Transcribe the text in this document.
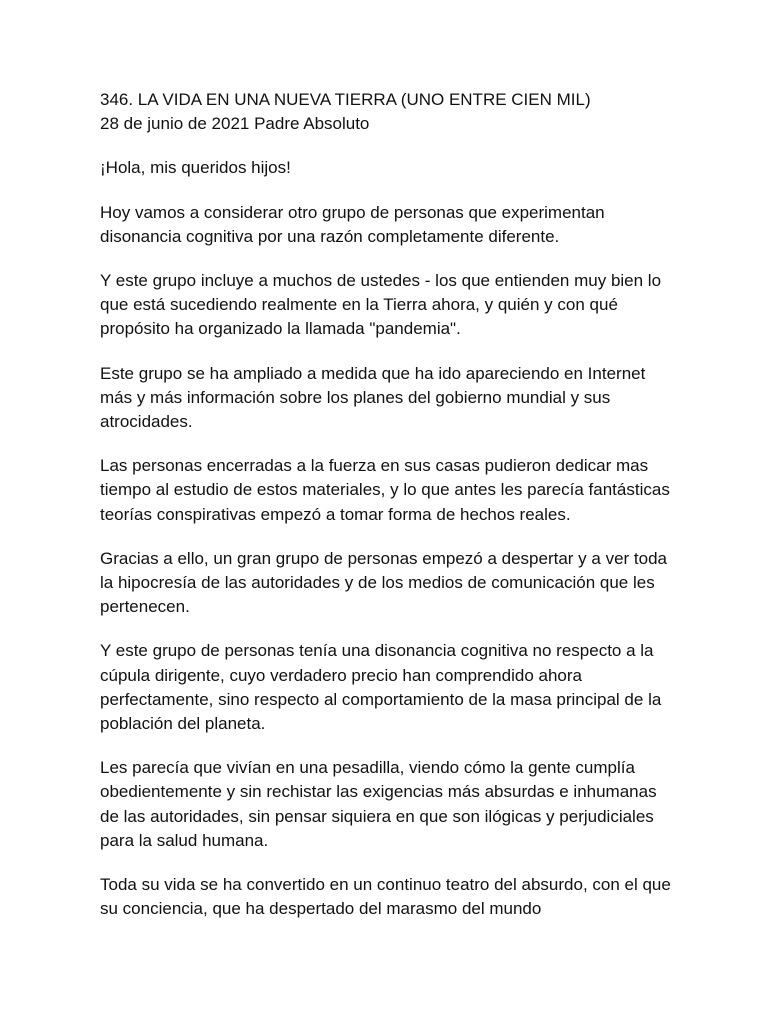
346. LA VIDA EN UNA NUEVA TIERRA (UNO ENTRE CIEN MIL)
28 de junio de 2021 Padre Absoluto

¡Hola, mis queridos hijos!

Hoy vamos a considerar otro grupo de personas que experimentan disonancia cognitiva por una razón completamente diferente.

Y este grupo incluye a muchos de ustedes - los que entienden muy bien lo que está sucediendo realmente en la Tierra ahora, y quién y con qué propósito ha organizado la llamada "pandemia".

Este grupo se ha ampliado a medida que ha ido apareciendo en Internet más y más información sobre los planes del gobierno mundial y sus atrocidades.

Las personas encerradas a la fuerza en sus casas pudieron dedicar mas tiempo al estudio de estos materiales, y lo que antes les parecía fantásticas teorías conspirativas empezó a tomar forma de hechos reales.

Gracias a ello, un gran grupo de personas empezó a despertar y a ver toda la hipocresía de las autoridades y de los medios de comunicación que les pertenecen.

Y este grupo de personas tenía una disonancia cognitiva no respecto a la cúpula dirigente, cuyo verdadero precio han comprendido ahora perfectamente, sino respecto al comportamiento de la masa principal de la población del planeta.

Les parecía que vivían en una pesadilla, viendo cómo la gente cumplía obedientemente y sin rechistar las exigencias más absurdas e inhumanas de las autoridades, sin pensar siquiera en que son ilógicas y perjudiciales para la salud humana.

Toda su vida se ha convertido en un continuo teatro del absurdo, con el que su conciencia, que ha despertado del marasmo del mundo
